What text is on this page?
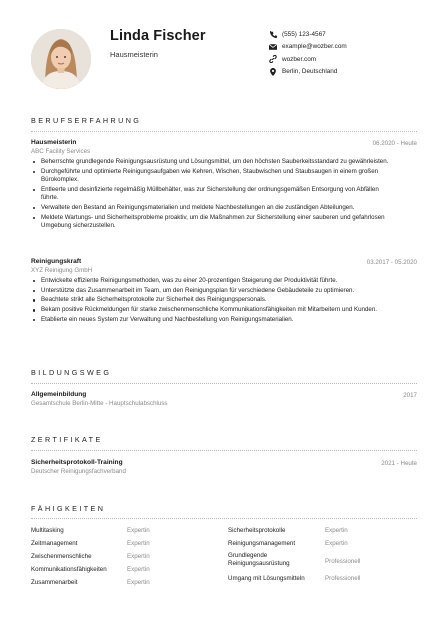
Linda Fischer
Hausmeisterin
(555) 123-4567
example@wozber.com
wozber.com
Berlin, Deutschland
BERUFSERFAHRUNG
Hausmeisterin	06.2020 - Heute
ABC Facility Services
Beherrschte grundlegende Reinigungsausrüstung und Lösungsmittel, um den höchsten Sauberkeitsstandard zu gewährleisten.
Durchgeführte und optimierte Reinigungsaufgaben wie Kehren, Wischen, Staubwischen und Staubsaugen in einem großen Bürokomplex.
Entleerte und desinfizierte regelmäßig Müllbehälter, was zur Sicherstellung der ordnungsgemäßen Entsorgung von Abfällen führte.
Verwaltete den Bestand an Reinigungsmaterialien und meldete Nachbestellungen an die zuständigen Abteilungen.
Meldete Wartungs- und Sicherheitsprobleme proaktiv, um die Maßnahmen zur Sicherstellung einer sauberen und gefahrlosen Umgebung sicherzustellen.
Reinigungskraft	03.2017 - 05.2020
XYZ Reinigung GmbH
Entwickelte effiziente Reinigungsmethoden, was zu einer 20-prozentigen Steigerung der Produktivität führte.
Unterstützte das Zusammenarbeit im Team, um den Reinigungsplan für verschiedene Gebäudeteile zu optimieren.
Beachtete strikt alle Sicherheitsprotokolle zur Sicherheit des Reinigungspersonals.
Bekam positive Rückmeldungen für starke zwischenmenschliche Kommunikationsfähigkeiten mit Mitarbeitern und Kunden.
Etablierte ein neues System zur Verwaltung und Nachbestellung von Reinigungsmaterialien.
BILDUNGSWEG
Allgemeinbildung	2017
Gesamtschule Berlin-Mitte - Hauptschulabschluss
ZERTIFIKATE
Sicherheitsprotokoll-Training	2021 - Heute
Deutscher Reinigungsfachverband
FÄHIGKEITEN
Multitasking	Expertin
Zeitmanagement	Expertin
Zwischenmenschliche	Expertin
Kommunikationsfähigkeiten	Expertin
Zusammenarbeit	Expertin
Sicherheitsprotokolle	Expertin
Reinigungsmanagement	Expertin
Grundlegende Reinigungsausrüstung	Professionell
Umgang mit Lösungsmitteln	Professionell
